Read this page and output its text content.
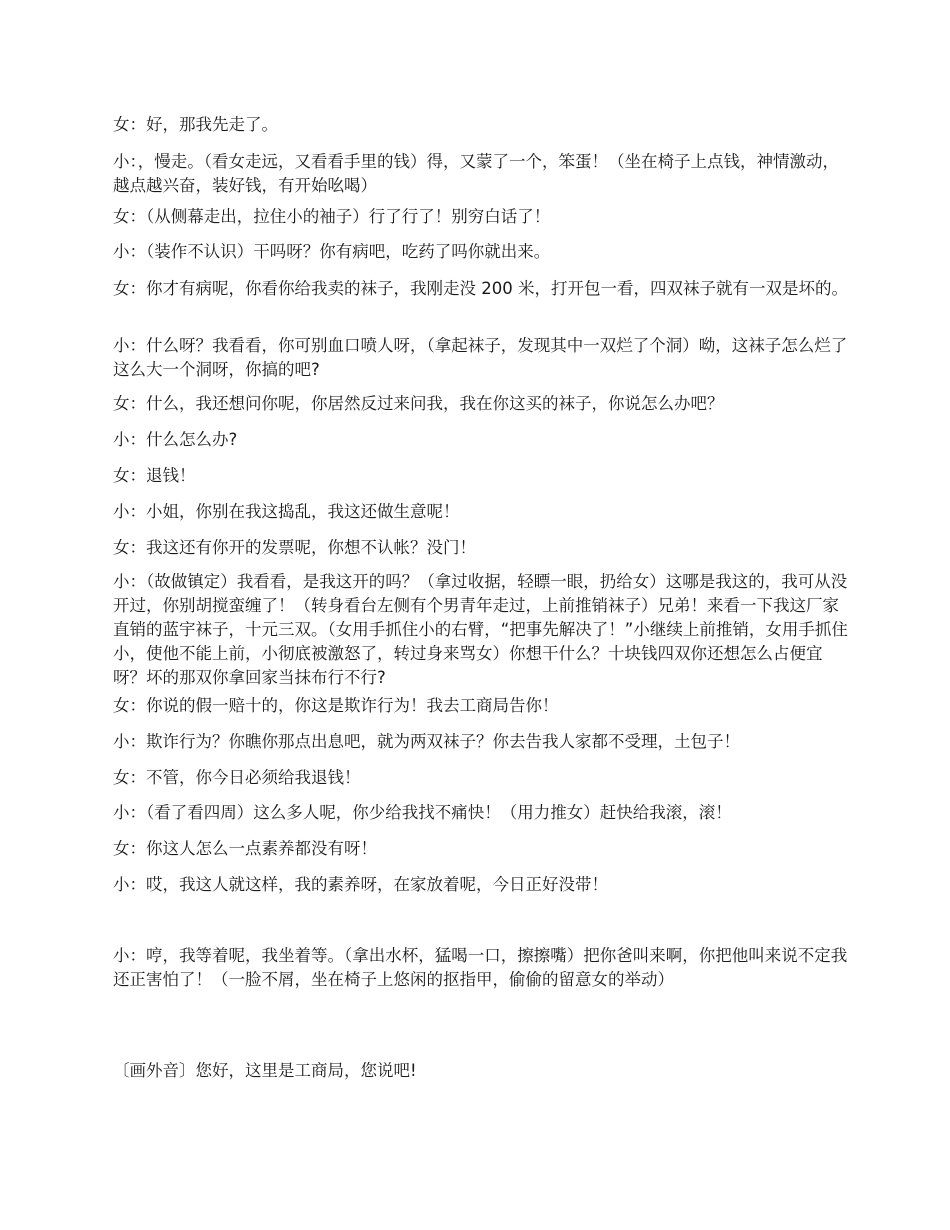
女：好，那我先走了。

小：，慢走。（看女走远，又看看手里的钱）得，又蒙了一个，笨蛋！（坐在椅子上点钱，神情激动，越点越兴奋，装好钱，有开始吆喝）

女：（从侧幕走出，拉住小的袖子）行了行了！别穷白话了！

小：（装作不认识）干吗呀？你有病吧，吃药了吗你就出来。

女：你才有病呢，你看你给我卖的袜子，我刚走没 200 米，打开包一看，四双袜子就有一双是坏的。

小：什么呀？我看看，你可别血口喷人呀，（拿起袜子，发现其中一双烂了个洞）呦，这袜子怎么烂了这么大一个洞呀，你搞的吧?

女：什么，我还想问你呢，你居然反过来问我，我在你这买的袜子，你说怎么办吧？

小：什么怎么办?

女：退钱！

小：小姐，你别在我这捣乱，我这还做生意呢！

女：我这还有你开的发票呢，你想不认帐？没门！

小：（故做镇定）我看看，是我这开的吗？（拿过收据，轻瞟一眼，扔给女）这哪是我这的，我可从没开过，你别胡搅蛮缠了！（转身看台左侧有个男青年走过，上前推销袜子）兄弟！来看一下我这厂家直销的蓝宇袜子，十元三双。（女用手抓住小的右臂，“把事先解决了！”小继续上前推销，女用手抓住小，使他不能上前，小彻底被激怒了，转过身来骂女）你想干什么？十块钱四双你还想怎么占便宜呀？坏的那双你拿回家当抹布行不行?

女：你说的假一赔十的，你这是欺诈行为！我去工商局告你！

小：欺诈行为？你瞧你那点出息吧，就为两双袜子？你去告我人家都不受理，土包子！

女：不管，你今日必须给我退钱！

小：（看了看四周）这么多人呢，你少给我找不痛快！（用力推女）赶快给我滚，滚！

女：你这人怎么一点素养都没有呀！

小：哎，我这人就这样，我的素养呀，在家放着呢，今日正好没带！

小：哼，我等着呢，我坐着等。（拿出水杯，猛喝一口，擦擦嘴）把你爸叫来啊，你把他叫来说不定我还正害怕了！（一脸不屑，坐在椅子上悠闲的抠指甲，偷偷的留意女的举动）

〔画外音〕您好，这里是工商局，您说吧!
